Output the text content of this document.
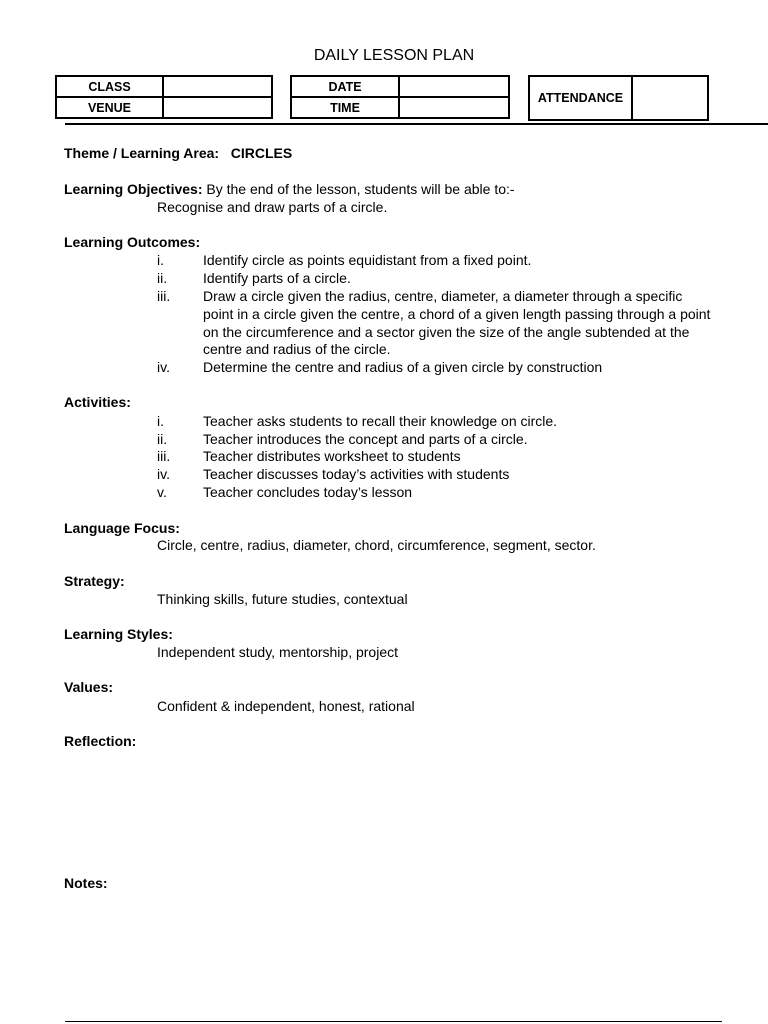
DAILY LESSON PLAN
CLASS	
VENUE	
DATE	
TIME	
ATTENDANCE	
Theme / Learning Area: CIRCLES
Learning Objectives: By the end of the lesson, students will be able to:-
Recognise and draw parts of a circle.
Learning Outcomes:
i.	Identify circle as points equidistant from a fixed point.
ii.	Identify parts of a circle.
iii. Draw a circle given the radius, centre, diameter, a diameter through a specific point in a circle given the centre, a chord of a given length passing through a point on the circumference and a sector given the size of the angle subtended at the centre and radius of the circle.
iv. Determine the centre and radius of a given circle by construction
Activities:
i.	Teacher asks students to recall their knowledge on circle.
ii.	Teacher introduces the concept and parts of a circle.
iii. Teacher distributes worksheet to students
iv. Teacher discusses today’s activities with students
v.	Teacher concludes today’s lesson
Language Focus:
Circle, centre, radius, diameter, chord, circumference, segment, sector.
Strategy:
Thinking skills, future studies, contextual
Learning Styles:
Independent study, mentorship, project
Values:
Confident & independent, honest, rational
Reflection:
Notes:
